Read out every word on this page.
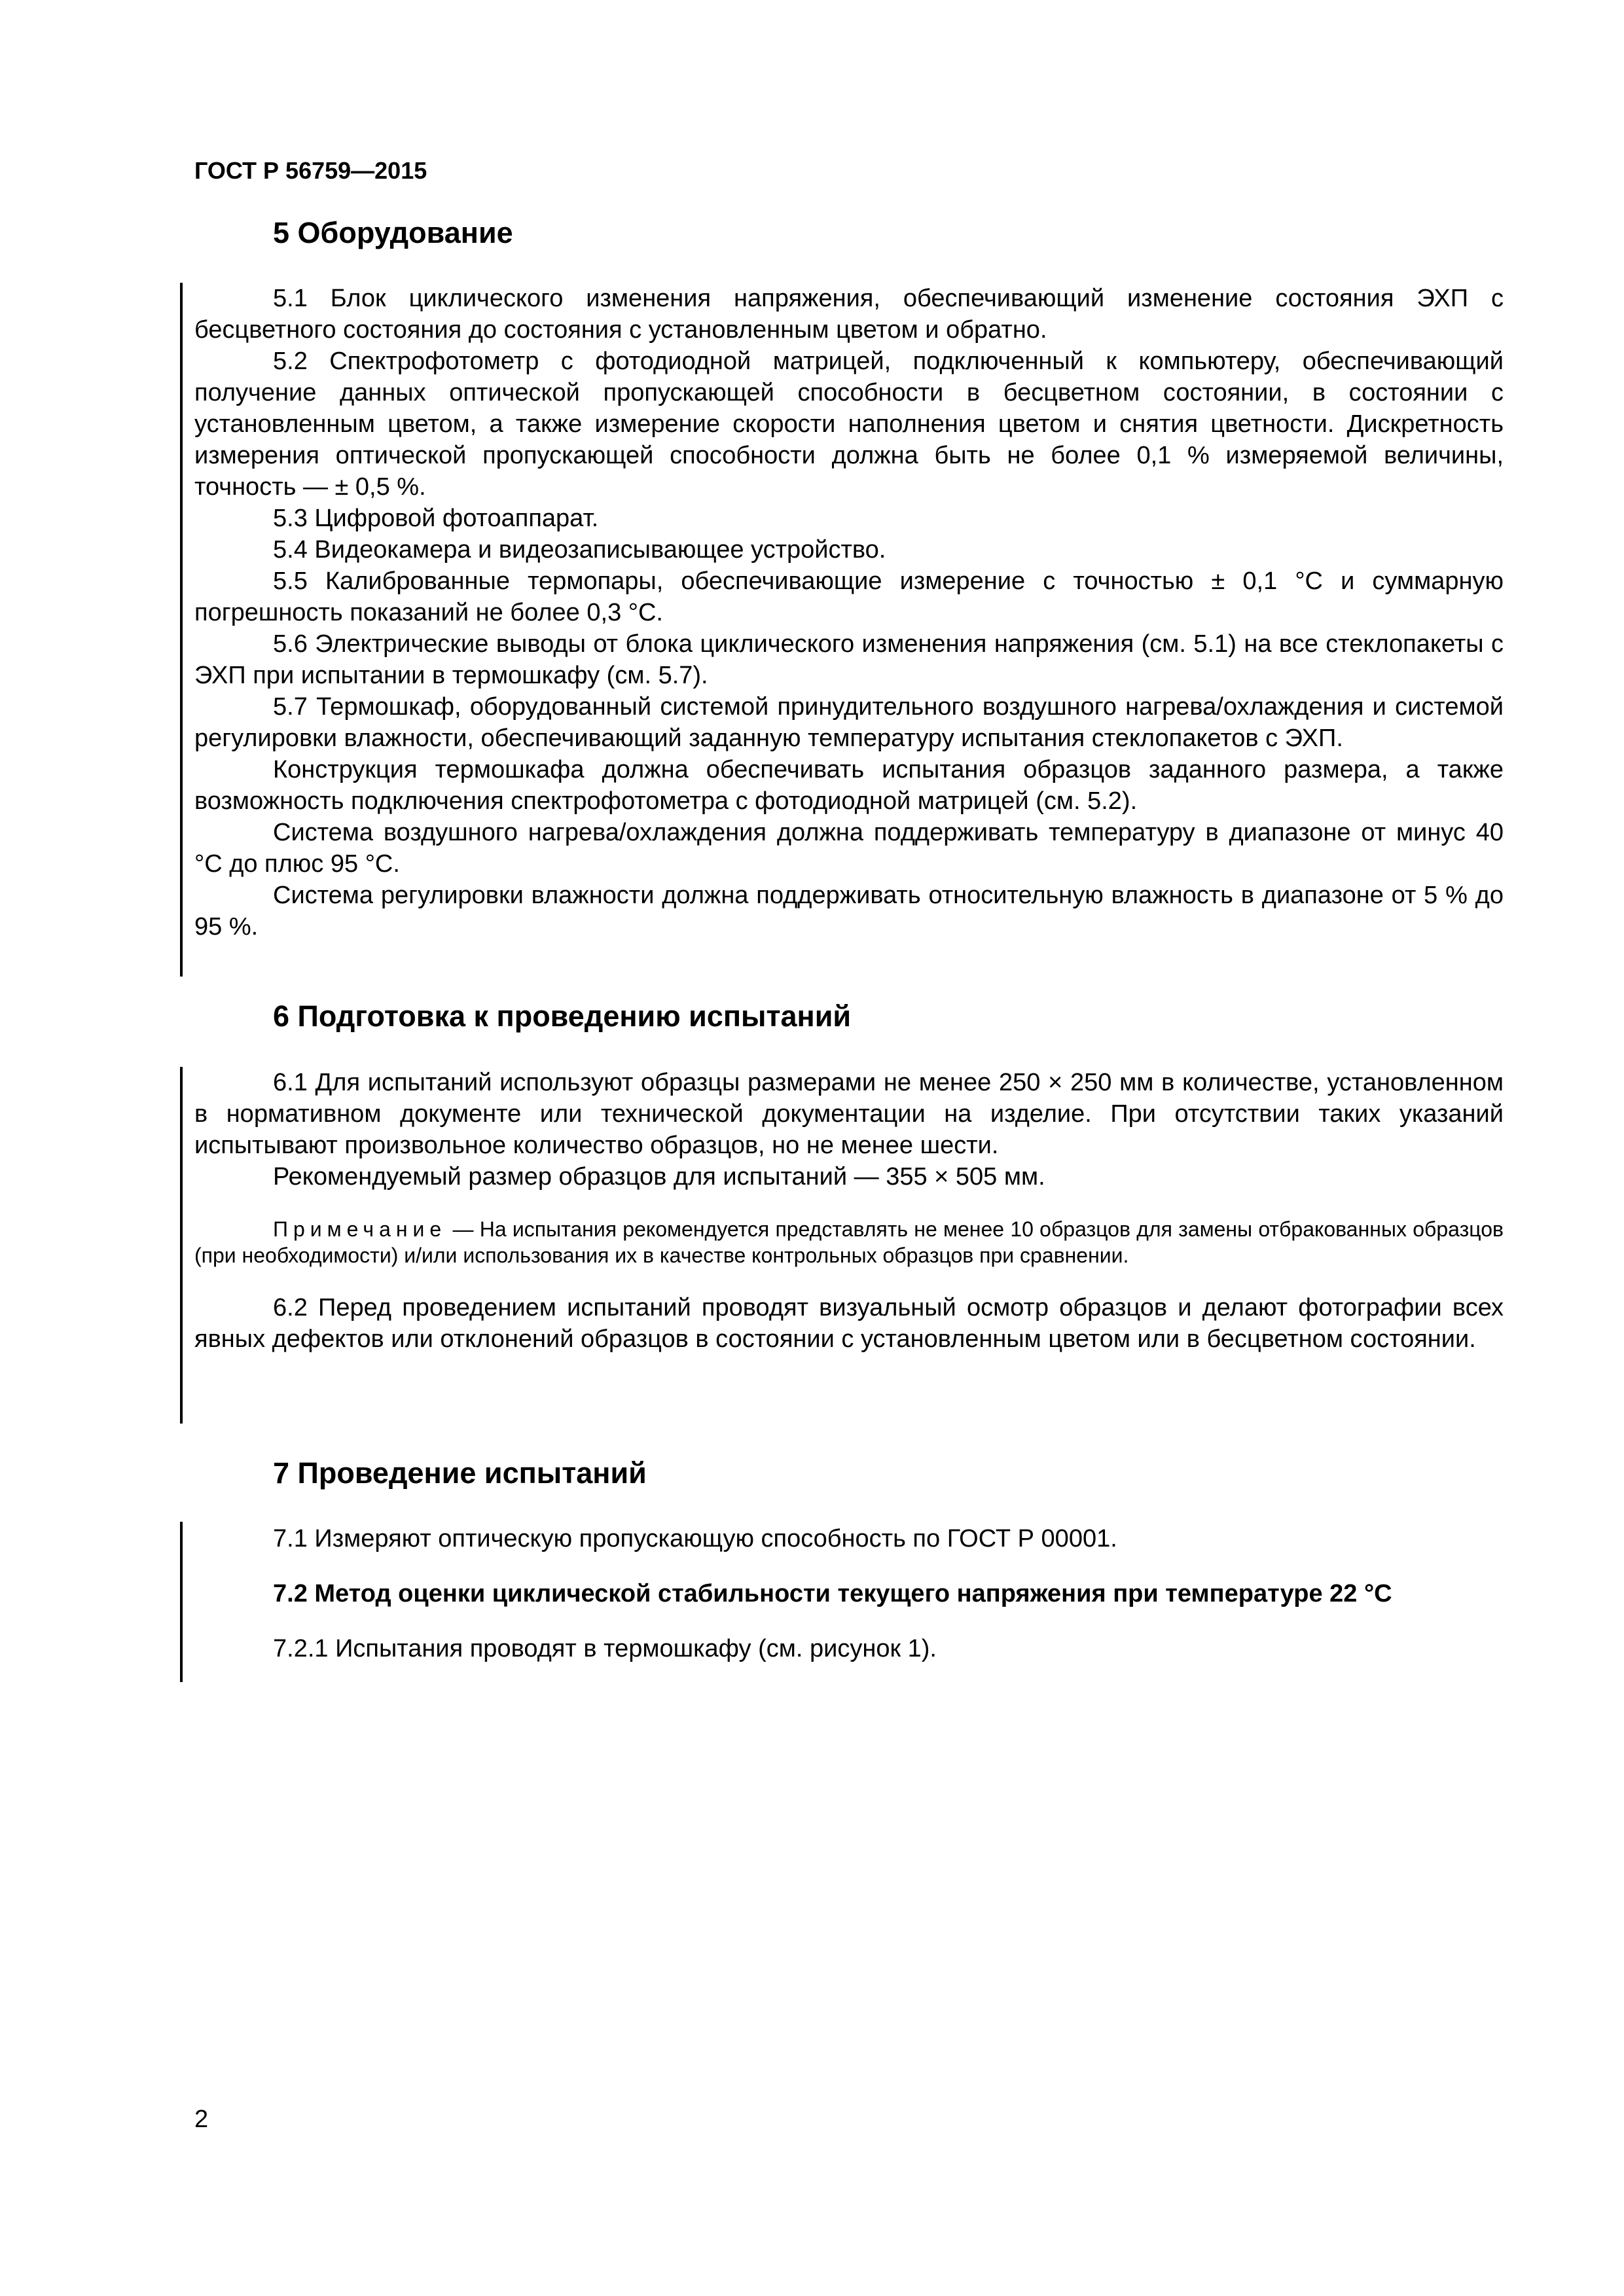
ГОСТ Р 56759—2015
5 Оборудование

5.1 Блок циклического изменения напряжения, обеспечивающий изменение состояния ЭХП с бесцветного состояния до состояния с установленным цветом и обратно.

5.2 Спектрофотометр с фотодиодной матрицей, подключенный к компьютеру, обеспечивающий получение данных оптической пропускающей способности в бесцветном состоянии, в состоянии с установленным цветом, а также измерение скорости наполнения цветом и снятия цветности. Дискретность измерения оптической пропускающей способности должна быть не более 0,1 % измеряемой величины, точность — ± 0,5 %.

5.3 Цифровой фотоаппарат.

5.4 Видеокамера и видеозаписывающее устройство.

5.5 Калиброванные термопары, обеспечивающие измерение с точностью ± 0,1 °С и суммарную погрешность показаний не более 0,3 °С.

5.6 Электрические выводы от блока циклического изменения напряжения (см. 5.1) на все стеклопакеты с ЭХП при испытании в термошкафу (см. 5.7).

5.7 Термошкаф, оборудованный системой принудительного воздушного нагрева/охлаждения и системой регулировки влажности, обеспечивающий заданную температуру испытания стеклопакетов с ЭХП.

Конструкция термошкафа должна обеспечивать испытания образцов заданного размера, а также возможность подключения спектрофотометра с фотодиодной матрицей (см. 5.2).

Система воздушного нагрева/охлаждения должна поддерживать температуру в диапазоне от минус 40 °С до плюс 95 °С.

Система регулировки влажности должна поддерживать относительную влажность в диапазоне от 5 % до 95 %.

6 Подготовка к проведению испытаний

6.1 Для испытаний используют образцы размерами не менее 250 × 250 мм в количестве, установленном в нормативном документе или технической документации на изделие. При отсутствии таких указаний испытывают произвольное количество образцов, но не менее шести.

Рекомендуемый размер образцов для испытаний — 355 × 505 мм.

Примечание — На испытания рекомендуется представлять не менее 10 образцов для замены отбракованных образцов (при необходимости) и/или использования их в качестве контрольных образцов при сравнении.

6.2 Перед проведением испытаний проводят визуальный осмотр образцов и делают фотографии всех явных дефектов или отклонений образцов в состоянии с установленным цветом или в бесцветном состоянии.

7 Проведение испытаний

7.1 Измеряют оптическую пропускающую способность по ГОСТ Р 00001.

7.2 Метод оценки циклической стабильности текущего напряжения при температуре 22 °С

7.2.1 Испытания проводят в термошкафу (см. рисунок 1).

2
